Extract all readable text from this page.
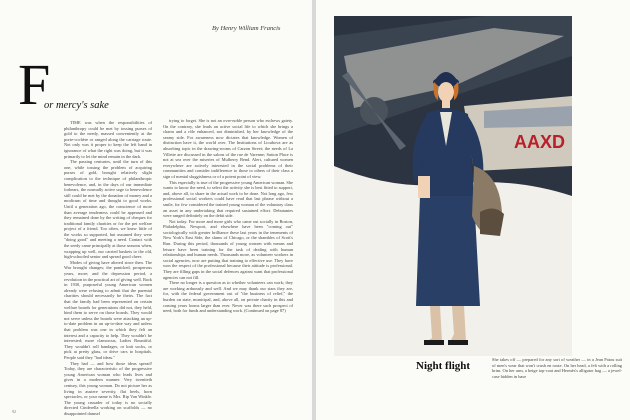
By Henry William Francis
F
or mercy's sake

TIME was when the responsibilities of philanthropy could be met by tossing purses of gold to the needy, massed conveniently at the porte-cochère or ranged along the carriage route. Not only was it proper to keep the left hand in ignorance of what the right was doing, but it was primarily to let the mind remain in the dark.

The passing centuries, until the turn of this one, while tossing the problem of acquiring purses of gold, brought relatively slight complication to the technique of philanthropic benevolence, and, in the days of our immediate forbears, the normally active urge to benevolence still could be met by the donation of money and a modicum of time and thought to good works. Until a generation ago, the conscience of more than average tenderness could be appeased and they remained done by the writing of cheques for traditional family charities or for the pet welfare project of a friend. Too often, we knew little of the works so supported, but assumed they were "doing good" and meeting a need. Contact with the seedy came principally at those seasons when, wrapping up well, our carried baskets to the old, high-schooled senior and spread good cheer.

Modes of giving have altered since then. The War brought changes; the panicked, prosperous years, more; and the depression period, a revolution in the practical art of giving well. Back in 1930, purposeful young American women already were refusing to admit that the parental charities should necessarily be theirs. The fact that the family had been represented on certain welfare boards for generations did not, they held, bind them to serve on those boards. They would not serve unless the boards were attacking an up-to-date problem in an up-to-date way and unless that problem was one in which they felt an interest and a capacity to help. They wouldn't be interested; more clamorous, Ladies Bountiful. They wouldn't roll bandages, or knit socks, or pick at pretty glass, or drive cars to hospitals. People said they "had ideas."

They had — and how those ideas spread! Today, they are characteristic of the progressive young American woman who leads lives and gives in a modern manner. Very twentieth century, this young woman. Do not picture her as living in austere severity, flat heels, horn spectacles, or your name is Mrs. Rip Van Winkle. The young crusader of today is no socially directed Cinderella working on scaffolds — no disappointed damsel

trying to forget. She is not an over-noble person who eschews gaiety. On the contrary, she leads an active social life to which she brings a charm and a rôle enhanced, not diminished, by her knowledge of the seamy side. For awareness now dictates that knowledge. Women of distinction have it, the world over. The Institutions of Lioubova are as absorbing topic in the drawing-rooms of Carzon Street; the needs of La Villette are discussed in the salons of the rue de Varenne; Sutton Place is not at sea over the miseries of Mulberry Bend. Alert, cultured women everywhere are actively interested in the social problems of their communities and consider indifference to those to others of their class a sign of mental sluggishness or of a potent point of view.

This especially is true of the progressive young American woman. She wants to know the need, to select the activity she is best fitted to support, and, above all, to share in the actual work to be done. Not long ago, few professional social workers could have read that last phrase without a smile, for few considered the trained young woman of the voluntary class an asset in any undertaking that required sustained effort. Debutantes were ranged definitely on the debit side.

Not today. For more and more girls who came out socially in Boston, Philadelphia, Newport, and elsewhere have been "coming out" sociologically with greater brilliance these last years in the tenements of New York's East Side, the slums of Chicago, or the shambles of Scott's Run. During this period, thousands of young women with means and leisure have been training for the task of dealing with human relationships and human needs. Thousands more, as volunteer workers in social agencies, now are putting that training to effective use. They have won the respect of the professional because their attitude is professional. They are filling gaps in the social defences against want that professional agencies can not fill.

There no longer is a question as to whether volunteers can work; they are working arduously and well. And we may thank our stars they are, for, with the federal government out of "the business of relief," the burden on state, municipal, and, above all, on private charity in this and coming years looms larger than ever. Never was there such prospect of need, both for funds and understanding work. (Continued on page 87)

92
AAXD
Night flight
She takes off — prepared for any sort of weather — in a Jean Patou suit of men's wear that won't crush en route. On her head, a felt with a rolling brim. On her arm, a beige top-coat and Hermès's alligator bag — a jewel-case hidden in base
